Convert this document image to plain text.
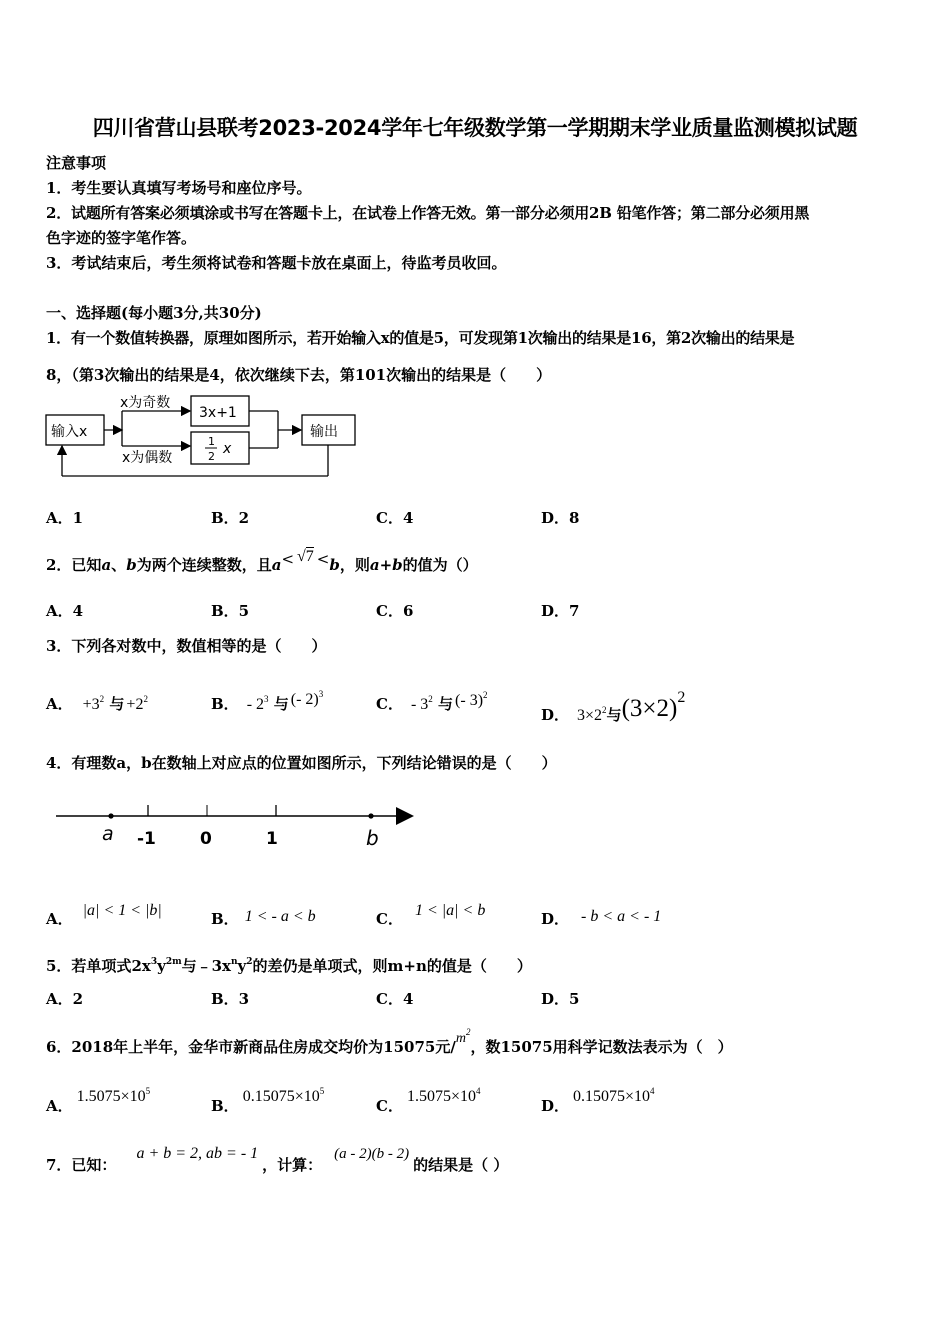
四川省营山县联考2023-2024学年七年级数学第一学期期末学业质量监测模拟试题
注意事项
1．考生要认真填写考场号和座位序号。
2．试题所有答案必须填涂或书写在答题卡上，在试卷上作答无效。第一部分必须用2B 铅笔作答；第二部分必须用黑
色字迹的签字笔作答。
3．考试结束后，考生须将试卷和答题卡放在桌面上，待监考员收回。
一、选择题(每小题3分,共30分)
1．有一个数值转换器，原理如图所示，若开始输入x的值是5，可发现第1次输出的结果是16，第2次输出的结果是
8，（第3次输出的结果是4，依次继续下去，第101次输出的结果是（　　）
输入x
x为奇数
x为偶数
3x+1
1
2 x
输出
A．1	B．2	C．4	D．8
2．已知a、b为两个连续整数，且a< √7 <b，则a+b的值为（）
A．4	B．5	C．6	D．7
3．下列各对数中，数值相等的是（　　）
A． $+3^2$ 与 $+2^2$	B． - $2^3$ 与 (- 2)$^3$
C． - $3^2$ 与 (- 3)$^2$
D． $3\times 2^2$与$(3\times 2)^2$
4．有理数a，b在数轴上对应点的位置如图所示，下列结论错误的是（　　）
a -1	0	1	b
A． |a| < 1 < |b|	B． 1 < - a < b	C． 1 < |a| < b	D． - b < a < - 1
5．若单项式$2x^3y^{2m}$与$﹣3x^ny^2$的差仍是单项式，则m+n的值是（　　）
A．2	B．3	C．4	D．5
6．2018年上半年，金华市新商品住房成交均价为15075元$/m^2$，数15075用科学记数法表示为（　）
A．$1.5075\times 10^5$
B．$0.15075\times 10^5$
C．$1.5075\times 10^4$
D．$0.15075\times 10^4$
7．已知：a + b = 2, ab = - 1，计算：(a - 2)(b - 2)的结果是（ ）
